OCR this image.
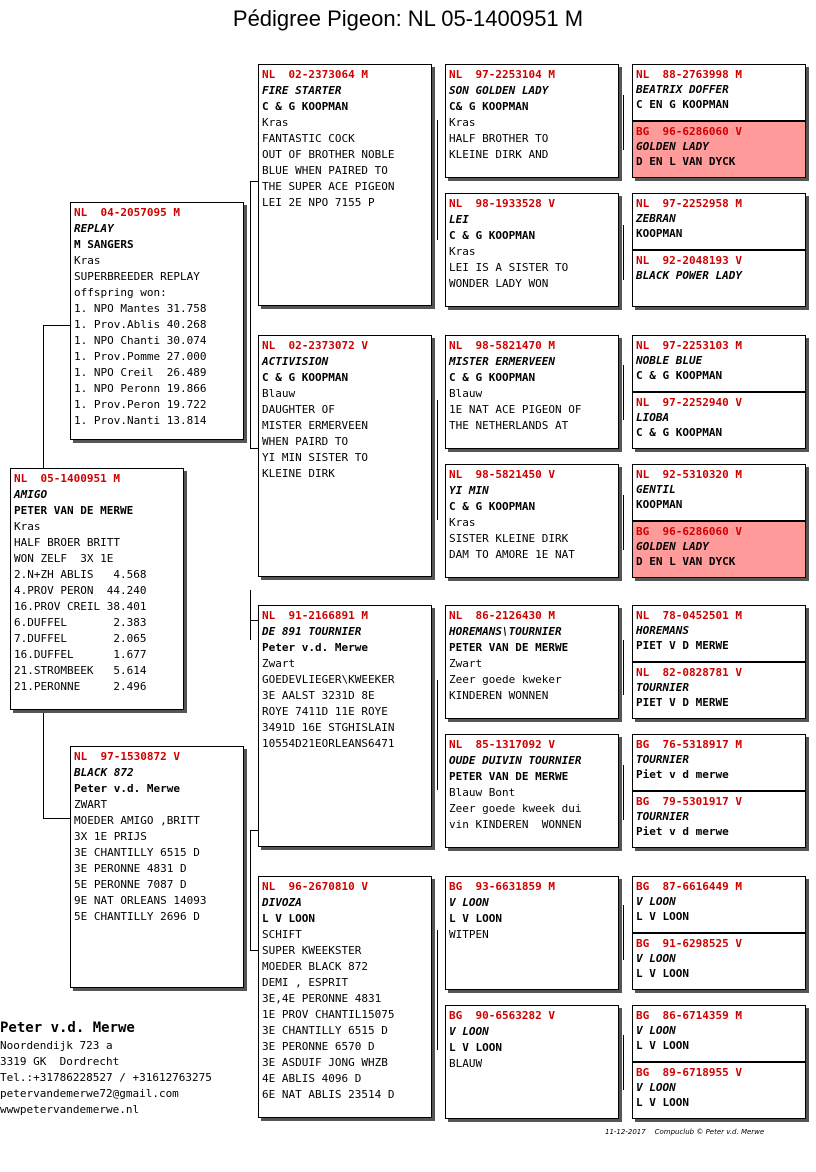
Pédigree Pigeon: NL 05-1400951 M
NL  05-1400951 M
AMIGO
PETER VAN DE MERWE
Kras
HALF BROER BRITT
WON ZELF  3X 1E
2.N+ZH ABLIS   4.568
4.PROV PERON  44.240
16.PROV CREIL 38.401
6.DUFFEL       2.383
7.DUFFEL       2.065
16.DUFFEL      1.677
21.STROMBEEK   5.614
21.PERONNE     2.496
NL  04-2057095 M
REPLAY
M SANGERS
Kras
SUPERBREEDER REPLAY
offspring won:
1. NPO Mantes 31.758
1. Prov.Ablis 40.268
1. NPO Chanti 30.074
1. Prov.Pomme 27.000
1. NPO Creil  26.489
1. NPO Peronn 19.866
1. Prov.Peron 19.722
1. Prov.Nanti 13.814
NL  97-1530872 V
BLACK 872
Peter v.d. Merwe
ZWART
MOEDER AMIGO ,BRITT
3X 1E PRIJS
3E CHANTILLY 6515 D
3E PERONNE 4831 D
5E PERONNE 7087 D
9E NAT ORLEANS 14093
5E CHANTILLY 2696 D
NL  02-2373064 M
FIRE STARTER
C & G KOOPMAN
Kras
FANTASTIC COCK
OUT OF BROTHER NOBLE
BLUE WHEN PAIRED TO
THE SUPER ACE PIGEON
LEI 2E NPO 7155 P
NL  02-2373072 V
ACTIVISION
C & G KOOPMAN
Blauw
DAUGHTER OF
MISTER ERMERVEEN
WHEN PAIRD TO
YI MIN SISTER TO
KLEINE DIRK
NL  91-2166891 M
DE 891 TOURNIER
Peter v.d. Merwe
Zwart
GOEDEVLIEGER\KWEEKER
3E AALST 3231D 8E
ROYE 7411D 11E ROYE
3491D 16E STGHISLAIN
10554D21EORLEANS6471
NL  96-2670810 V
DIVOZA
L V LOON
SCHIFT
SUPER KWEEKSTER
MOEDER BLACK 872
DEMI , ESPRIT
3E,4E PERONNE 4831
1E PROV CHANTIL15075
3E CHANTILLY 6515 D
3E PERONNE 6570 D
3E ASDUIF JONG WHZB
4E ABLIS 4096 D
6E NAT ABLIS 23514 D
NL  97-2253104 M
SON GOLDEN LADY
C& G KOOPMAN
Kras
HALF BROTHER TO
KLEINE DIRK AND
NL  98-1933528 V
LEI
C & G KOOPMAN
Kras
LEI IS A SISTER TO
WONDER LADY WON
NL  98-5821470 M
MISTER ERMERVEEN
C & G KOOPMAN
Blauw
1E NAT ACE PIGEON OF
THE NETHERLANDS AT
NL  98-5821450 V
YI MIN
C & G KOOPMAN
Kras
SISTER KLEINE DIRK
DAM TO AMORE 1E NAT
NL  86-2126430 M
HOREMANS\TOURNIER
PETER VAN DE MERWE
Zwart
Zeer goede kweker
KINDEREN WONNEN
NL  85-1317092 V
OUDE DUIVIN TOURNIER
PETER VAN DE MERWE
Blauw Bont
Zeer goede kweek dui
vin KINDEREN  WONNEN
BG  93-6631859 M
V LOON
L V LOON
WITPEN
BG  90-6563282 V
V LOON
L V LOON
BLAUW
NL  88-2763998 M
BEATRIX DOFFER
C EN G KOOPMAN
BG  96-6286060 V
GOLDEN LADY
D EN L VAN DYCK
NL  97-2252958 M
ZEBRAN
KOOPMAN
NL  92-2048193 V
BLACK POWER LADY
NL  97-2253103 M
NOBLE BLUE
C & G KOOPMAN
NL  97-2252940 V
LIOBA
C & G KOOPMAN
NL  92-5310320 M
GENTIL
KOOPMAN
BG  96-6286060 V
GOLDEN LADY
D EN L VAN DYCK
NL  78-0452501 M
HOREMANS
PIET V D MERWE
NL  82-0828781 V
TOURNIER
PIET V D MERWE
BG  76-5318917 M
TOURNIER
Piet v d merwe
BG  79-5301917 V
TOURNIER
Piet v d merwe
BG  87-6616449 M
V LOON
L V LOON
BG  91-6298525 V
V LOON
L V LOON
BG  86-6714359 M
V LOON
L V LOON
BG  89-6718955 V
V LOON
L V LOON
Peter v.d. Merwe
Noordendijk 723 a
3319 GK  Dordrecht
Tel.:+31786228527 / +31612763275
petervandemerwe72@gmail.com
wwwpetervandemerwe.nl
11-12-2017    Compuclub © Peter v.d. Merwe
